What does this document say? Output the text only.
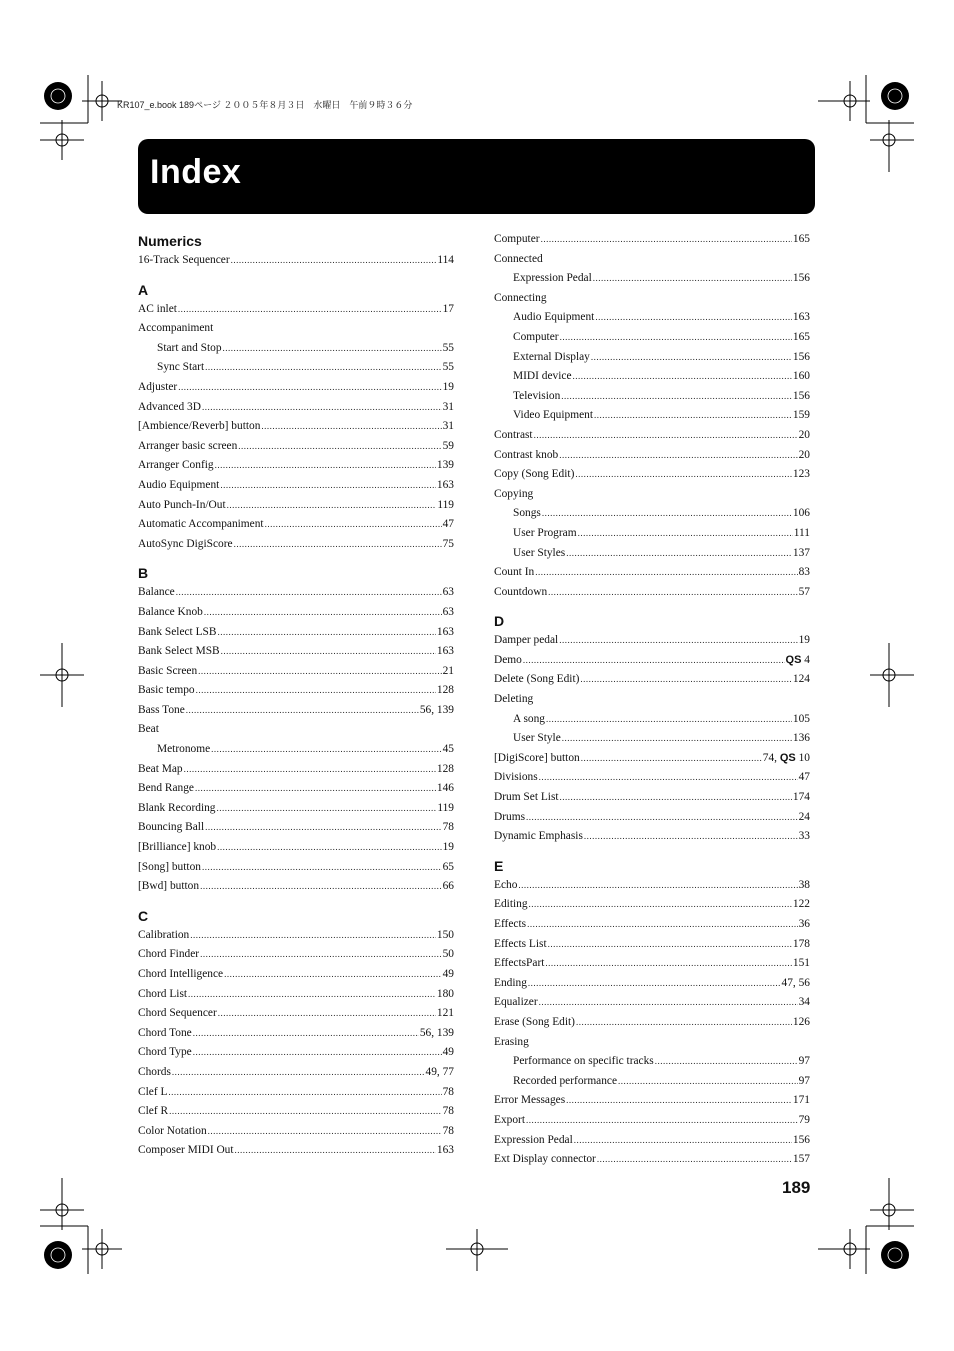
KR107_e.book 189ページ ２００５年８月３日　水曜日　午前９時３６分
Index
Numerics
16-Track Sequencer .....	114
A
AC inlet .....	17
Accompaniment
Start and Stop .....	55
Sync Start .....	55
Adjuster .....	19
Advanced 3D .....	31
[Ambience/Reverb] button .....	31
Arranger basic screen .....	59
Arranger Config .....	139
Audio Equipment .....	163
Auto Punch-In/Out .....	119
Automatic Accompaniment .....	47
AutoSync DigiScore .....	75
B
Balance .....	63
Balance Knob .....	63
Bank Select LSB .....	163
Bank Select MSB .....	163
Basic Screen .....	21
Basic tempo .....	128
Bass Tone .....	56, 139
Beat
Metronome .....	45
Beat Map .....	128
Bend Range .....	146
Blank Recording .....	119
Bouncing Ball .....	78
[Brilliance] knob .....	19
[Song] button .....	65
[Bwd] button .....	66
C
Calibration .....	150
Chord Finder .....	50
Chord Intelligence .....	49
Chord List .....	180
Chord Sequencer .....	121
Chord Tone .....	56, 139
Chord Type .....	49
Chords .....	49, 77
Clef L .....	78
Clef R .....	78
Color Notation .....	78
Composer MIDI Out .....	163
Computer .....	165
Connected
Expression Pedal .....	156
Connecting
Audio Equipment .....	163
Computer .....	165
External Display .....	156
MIDI device .....	160
Television .....	156
Video Equipment .....	159
Contrast .....	20
Contrast knob .....	20
Copy (Song Edit) .....	123
Copying
Songs .....	106
User Program .....	111
User Styles .....	137
Count In .....	83
Countdown .....	57
D
Damper pedal .....	19
Demo .....	QS 4
Delete (Song Edit) .....	124
Deleting
A song .....	105
User Style .....	136
[DigiScore] button .....	74, QS 10
Divisions .....	47
Drum Set List .....	174
Drums .....	24
Dynamic Emphasis .....	33
E
Echo .....	38
Editing .....	122
Effects .....	36
Effects List .....	178
EffectsPart .....	151
Ending .....	47, 56
Equalizer .....	34
Erase (Song Edit) .....	126
Erasing
Performance on specific tracks .....	97
Recorded performance .....	97
Error Messages .....	171
Export .....	79
Expression Pedal .....	156
Ext Display connector .....	157
189
